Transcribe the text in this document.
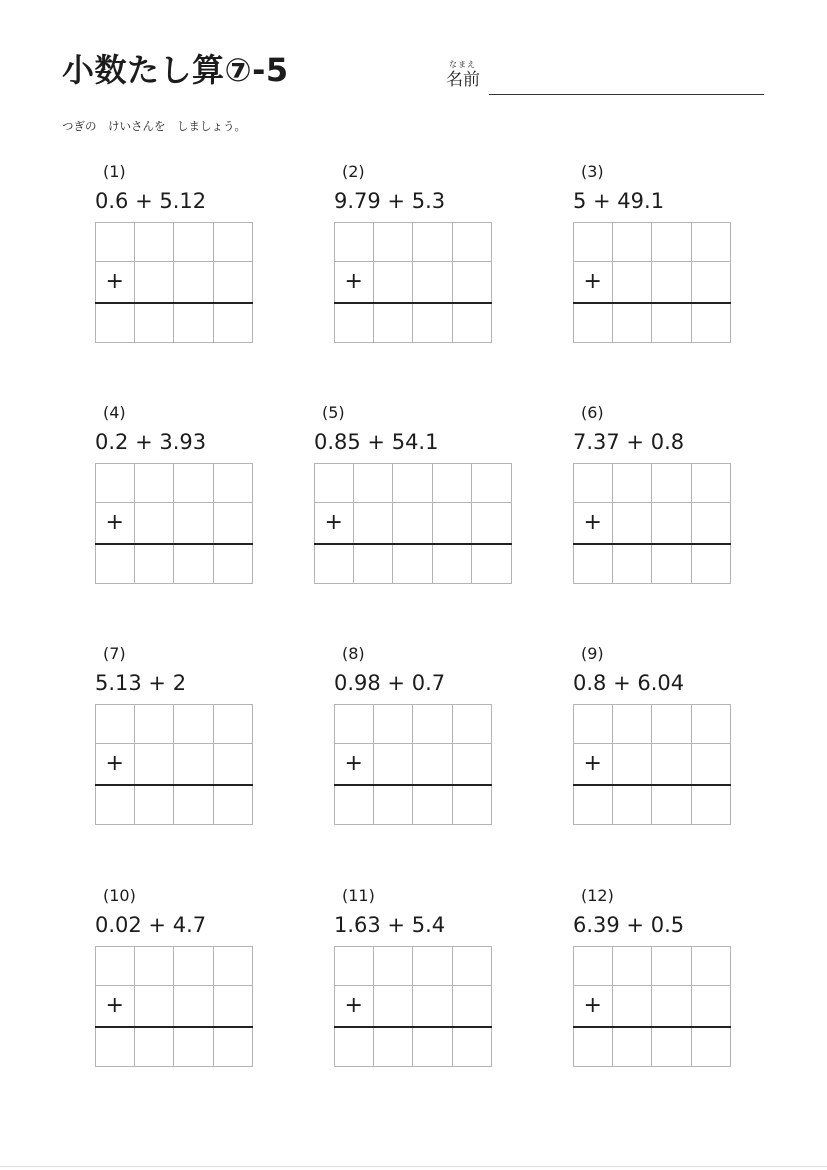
小数たし算⑦-5	なまえ
名前
つぎの　けいさんを　しましょう。
(1)
0.6 + 5.12
+
(2)
9.79 + 5.3
+
(3)
5 + 49.1
+
(4)
0.2 + 3.93
+
(5)
0.85 + 54.1
+
(6)
7.37 + 0.8
+
(7)
5.13 + 2
+
(8)
0.98 + 0.7
+
(9)
0.8 + 6.04
+
(10)
0.02 + 4.7
+
(11)
1.63 + 5.4
+
(12)
6.39 + 0.5
+
